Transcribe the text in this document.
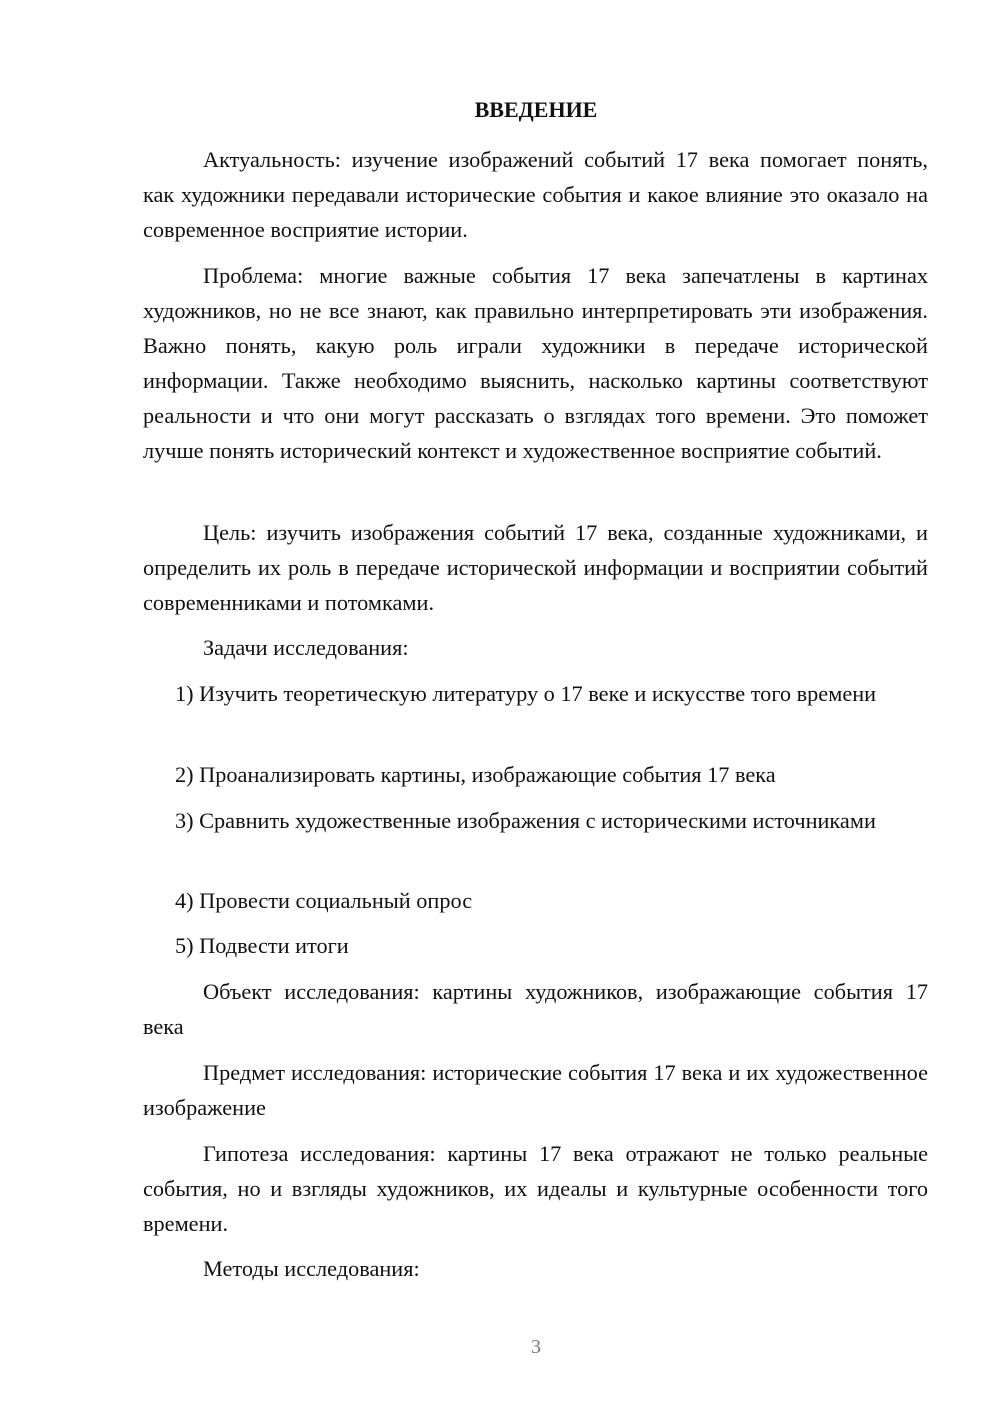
ВВЕДЕНИЕ

Актуальность: изучение изображений событий 17 века помогает понять, как художники передавали исторические события и какое влияние это оказало на современное восприятие истории.

Проблема: многие важные события 17 века запечатлены в картинах художников, но не все знают, как правильно интерпретировать эти изображения. Важно понять, какую роль играли художники в передаче исторической информации. Также необходимо выяснить, насколько картины соответствуют реальности и что они могут рассказать о взглядах того времени. Это поможет лучше понять исторический контекст и художественное восприятие событий.

Цель: изучить изображения событий 17 века, созданные художниками, и определить их роль в передаче исторической информации и восприятии событий современниками и потомками.

Задачи исследования:

1) Изучить теоретическую литературу о 17 веке и искусстве того времени

2) Проанализировать картины, изображающие события 17 века

3) Сравнить художественные изображения с историческими источниками

4) Провести социальный опрос

5) Подвести итоги

Объект исследования: картины художников, изображающие события 17 века

Предмет исследования: исторические события 17 века и их художественное изображение

Гипотеза исследования: картины 17 века отражают не только реальные события, но и взгляды художников, их идеалы и культурные особенности того времени.

Методы исследования:

3
